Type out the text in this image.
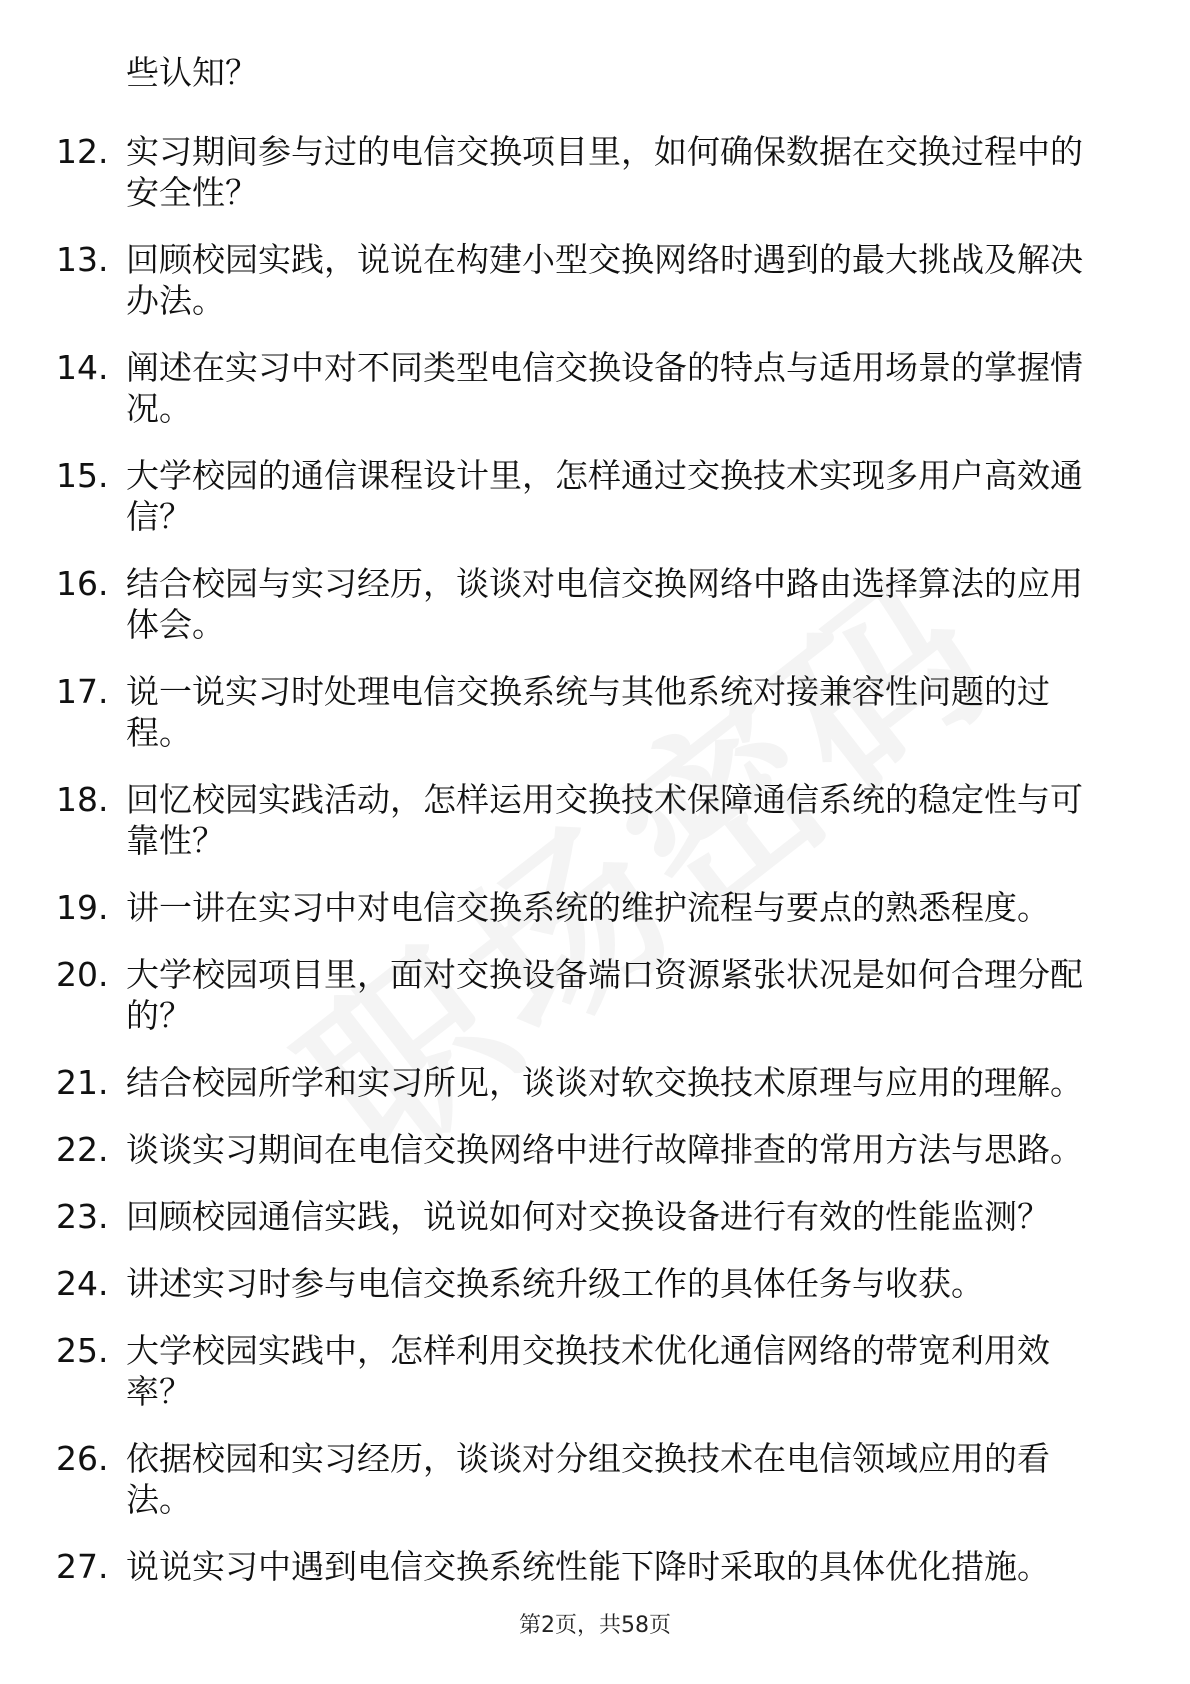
些认知？
12. 实习期间参与过的电信交换项目里，如何确保数据在交换过程中的安全性？
13. 回顾校园实践，说说在构建小型交换网络时遇到的最大挑战及解决办法。
14. 阐述在实习中对不同类型电信交换设备的特点与适用场景的掌握情况。
15. 大学校园的通信课程设计里，怎样通过交换技术实现多用户高效通信？
16. 结合校园与实习经历，谈谈对电信交换网络中路由选择算法的应用体会。
17. 说一说实习时处理电信交换系统与其他系统对接兼容性问题的过程。
18. 回忆校园实践活动，怎样运用交换技术保障通信系统的稳定性与可靠性？
19. 讲一讲在实习中对电信交换系统的维护流程与要点的熟悉程度。
20. 大学校园项目里，面对交换设备端口资源紧张状况是如何合理分配的？
21. 结合校园所学和实习所见，谈谈对软交换技术原理与应用的理解。
22. 谈谈实习期间在电信交换网络中进行故障排查的常用方法与思路。
23. 回顾校园通信实践，说说如何对交换设备进行有效的性能监测？
24. 讲述实习时参与电信交换系统升级工作的具体任务与收获。
25. 大学校园实践中，怎样利用交换技术优化通信网络的带宽利用效率？
26. 依据校园和实习经历，谈谈对分组交换技术在电信领域应用的看法。
27. 说说实习中遇到电信交换系统性能下降时采取的具体优化措施。
第2页，共58页
